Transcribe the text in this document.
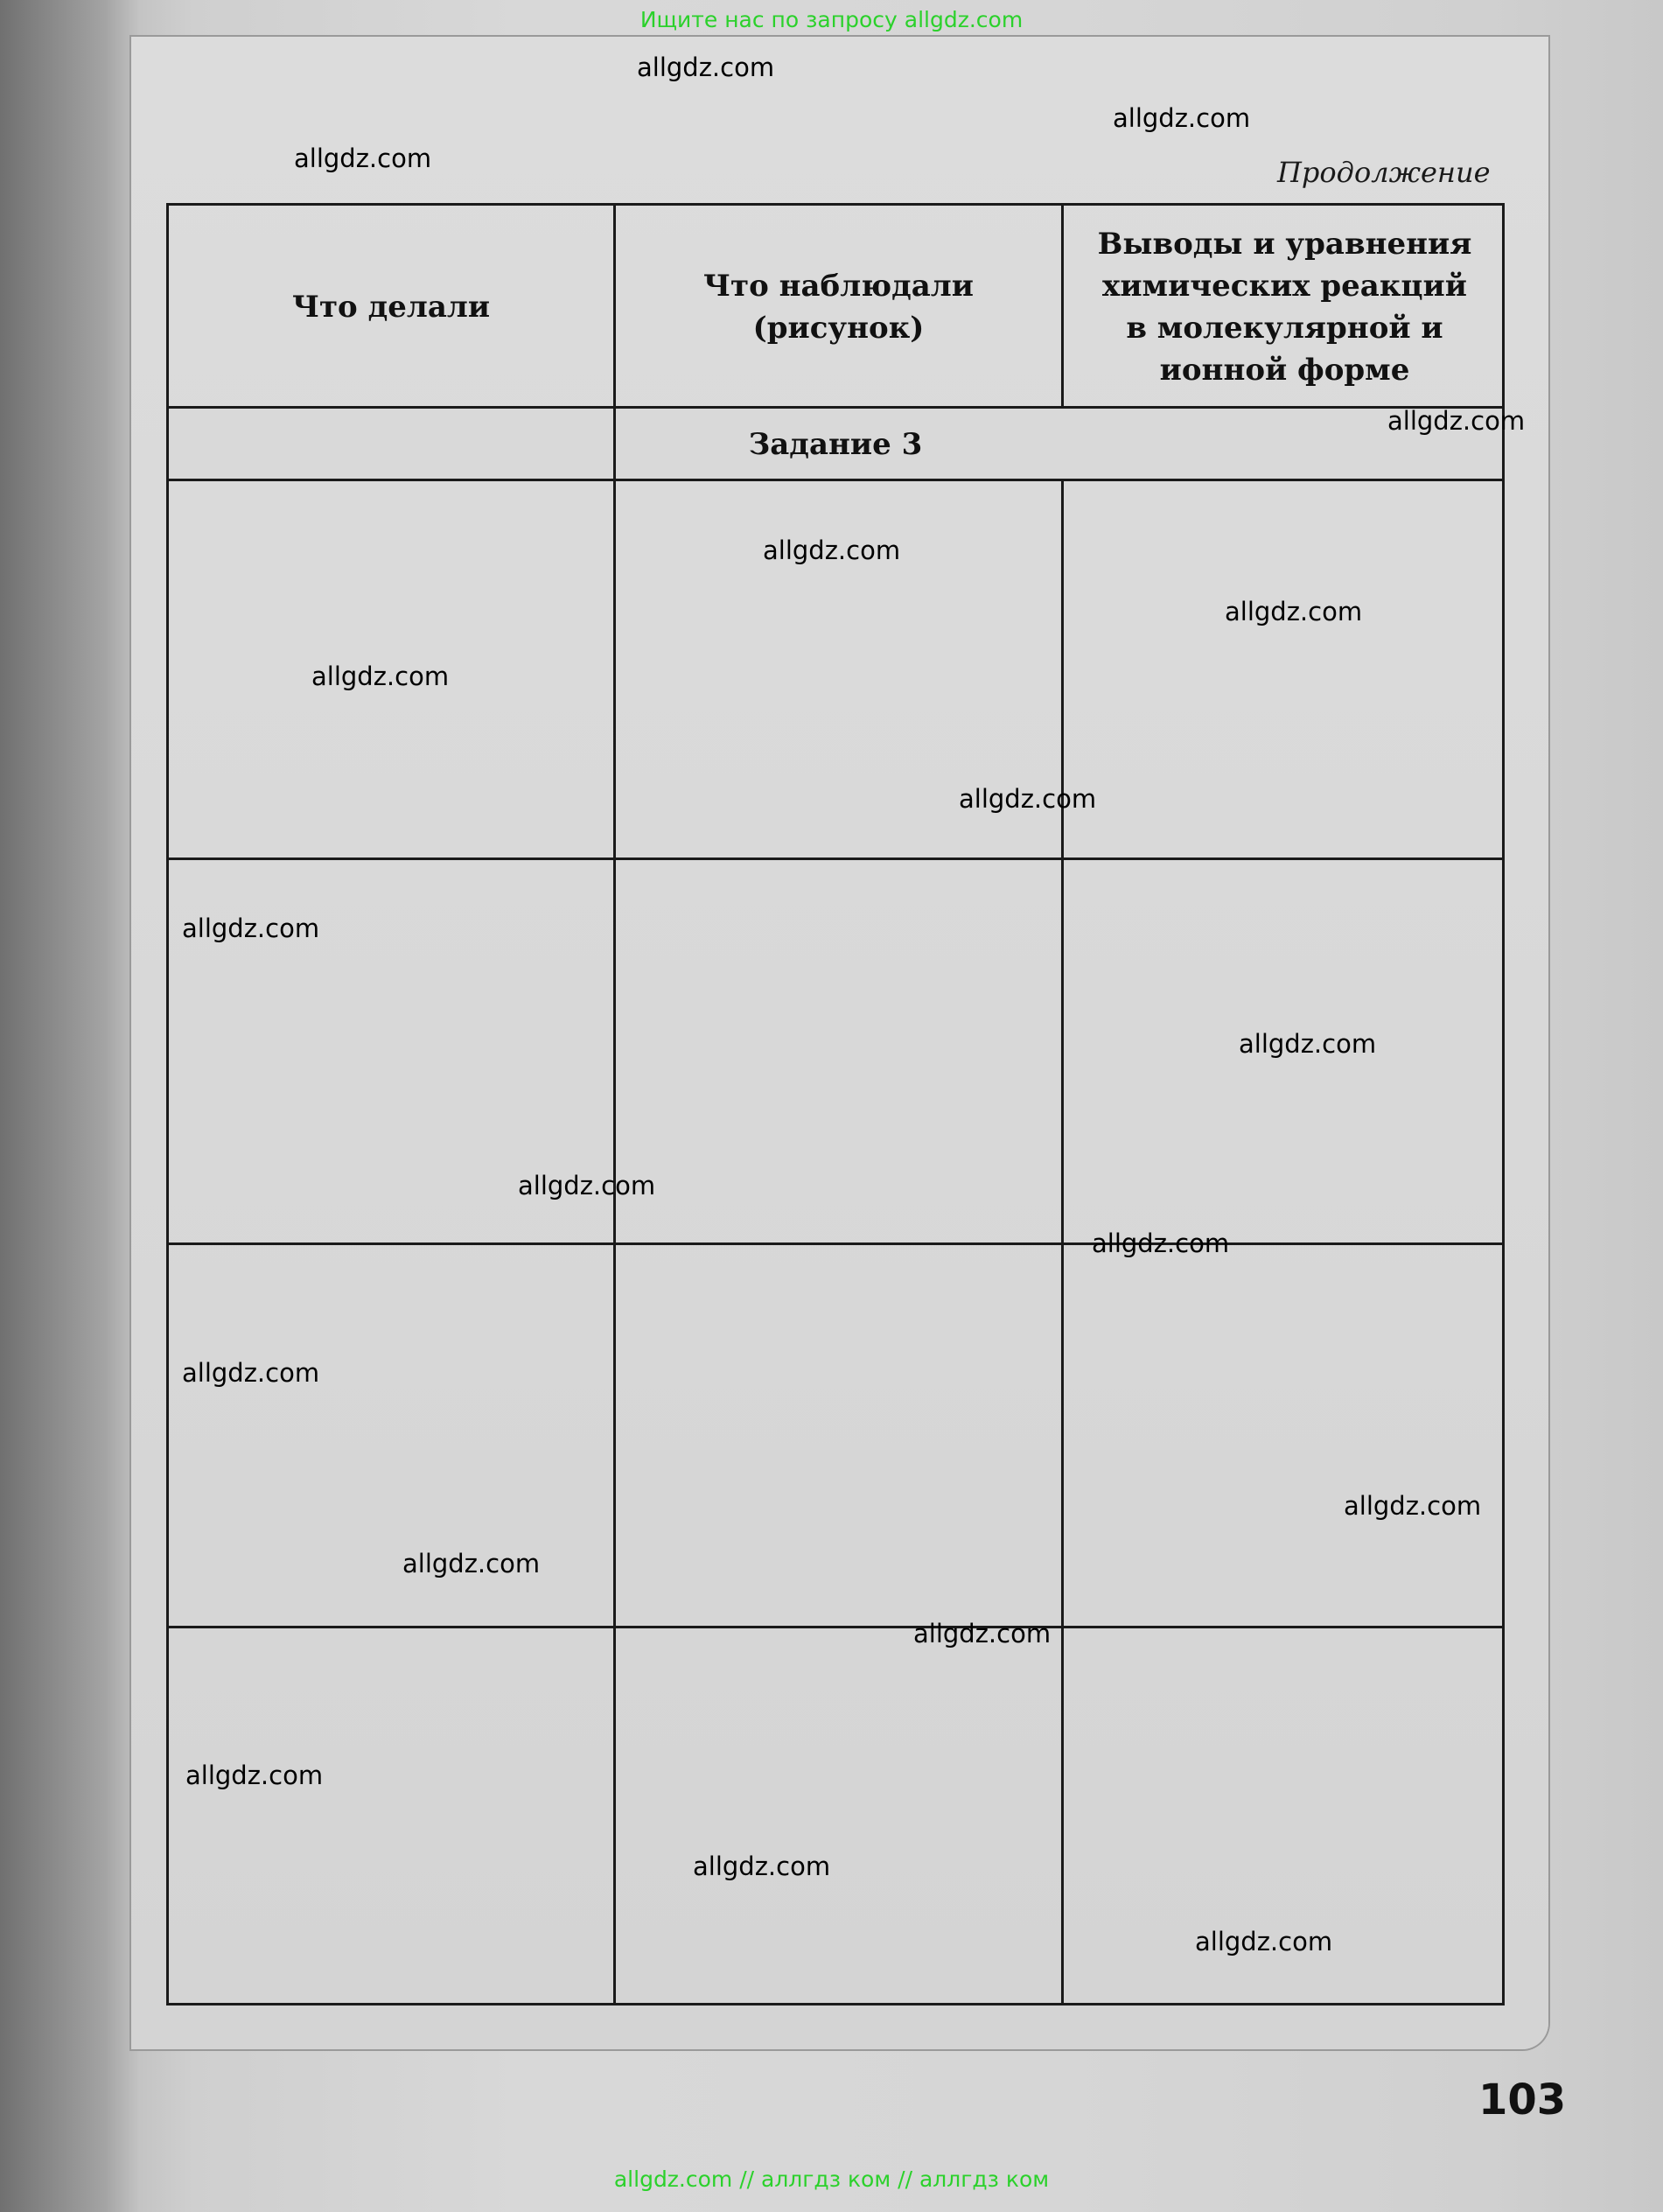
Ищите нас по запросу allgdz.com
Продолжение
Что делали
Что наблюдали (рисунок)
Выводы и уравнения химических реакций в молекулярной и ионной форме
Задание 3
103
allgdz.com
allgdz.com
allgdz.com
allgdz.com
allgdz.com
allgdz.com
allgdz.com
allgdz.com
allgdz.com
allgdz.com
allgdz.com
allgdz.com
allgdz.com
allgdz.com
allgdz.com
allgdz.com
allgdz.com
allgdz.com
allgdz.com
allgdz.com // аллгдз ком // аллгдз ком
